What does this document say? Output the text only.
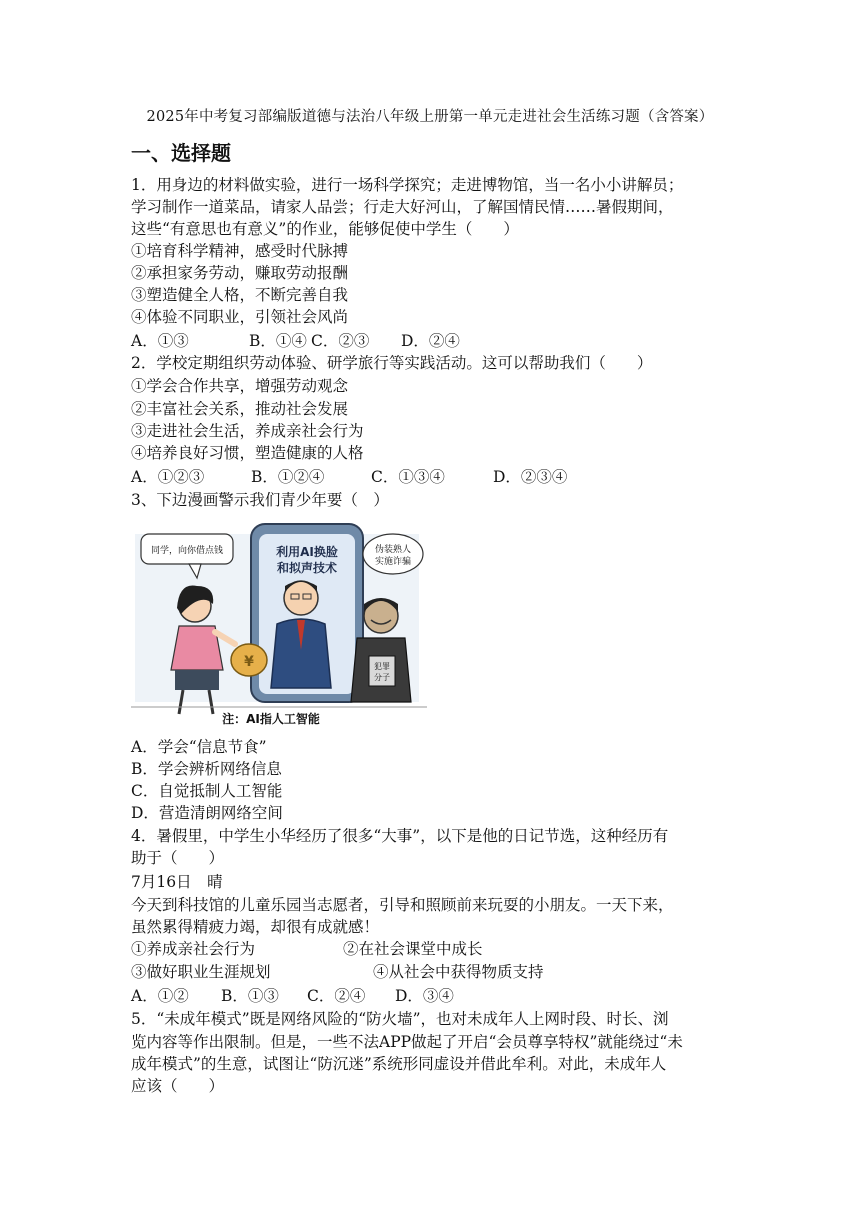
2025年中考复习部编版道德与法治八年级上册第一单元走进社会生活练习题（含答案）
一、选择题
1．用身边的材料做实验，进行一场科学探究；走进博物馆，当一名小小讲解员；
学习制作一道菜品，请家人品尝；行走大好河山，了解国情民情……暑假期间，
这些“有意思也有意义”的作业，能够促使中学生（　　）
①培育科学精神，感受时代脉搏
②承担家务劳动，赚取劳动报酬
③塑造健全人格，不断完善自我
④体验不同职业，引领社会风尚
A．①③	B．①④ C．②③ D．②④
2．学校定期组织劳动体验、研学旅行等实践活动。这可以帮助我们（　　）
①学会合作共享，增强劳动观念
②丰富社会关系，推动社会发展
③走进社会生活，养成亲社会行为
④培养良好习惯，塑造健康的人格
A．①②③	B．①②④	C．①③④	D．②③④
3、下边漫画警示我们青少年要（　）
利用AI换脸
和拟声技术
¥
同学，向你借点钱	伪装熟人
实施诈骗
犯罪
分子
注：AI指人工智能
A．学会“信息节食”
B．学会辨析网络信息
C．自觉抵制人工智能
D．营造清朗网络空间
4．暑假里，中学生小华经历了很多“大事”，以下是他的日记节选，这种经历有
助于（　　）
7月16日　晴
今天到科技馆的儿童乐园当志愿者，引导和照顾前来玩耍的小朋友。一天下来，
虽然累得精疲力竭，却很有成就感！
①养成亲社会行为	②在社会课堂中成长
③做好职业生涯规划	④从社会中获得物质支持
A．①② B．①③ C．②④ D．③④
5．“未成年模式”既是网络风险的“防火墙”，也对未成年人上网时段、时长、浏
览内容等作出限制。但是，一些不法APP做起了开启“会员尊享特权”就能绕过“未
成年模式”的生意，试图让“防沉迷”系统形同虚设并借此牟利。对此，未成年人
应该（　　）
